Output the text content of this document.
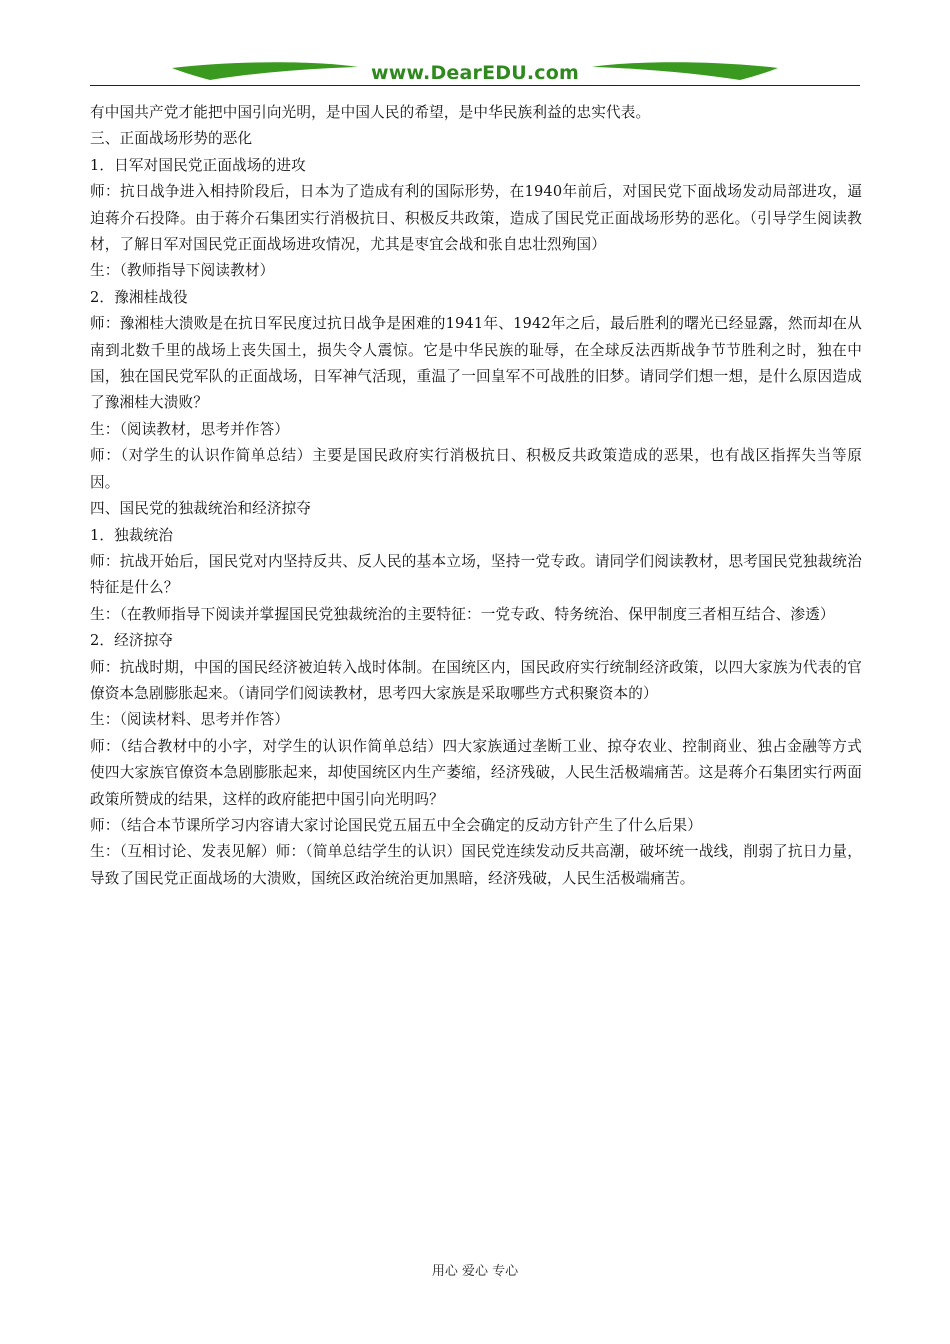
www.DearEDU.com

有中国共产党才能把中国引向光明，是中国人民的希望，是中华民族利益的忠实代表。

三、正面战场形势的恶化

1．日军对国民党正面战场的进攻

师：抗日战争进入相持阶段后，日本为了造成有利的国际形势，在1940年前后，对国民党下面战场发动局部进攻，逼迫蒋介石投降。由于蒋介石集团实行消极抗日、积极反共政策，造成了国民党正面战场形势的恶化。（引导学生阅读教材，了解日军对国民党正面战场进攻情况，尤其是枣宜会战和张自忠壮烈殉国）

生：（教师指导下阅读教材）

2．豫湘桂战役

师：豫湘桂大溃败是在抗日军民度过抗日战争是困难的1941年、1942年之后，最后胜利的曙光已经显露，然而却在从南到北数千里的战场上丧失国土，损失令人震惊。它是中华民族的耻辱，在全球反法西斯战争节节胜利之时，独在中国，独在国民党军队的正面战场，日军神气活现，重温了一回皇军不可战胜的旧梦。请同学们想一想，是什么原因造成了豫湘桂大溃败？

生：（阅读教材，思考并作答）

师：（对学生的认识作简单总结）主要是国民政府实行消极抗日、积极反共政策造成的恶果，也有战区指挥失当等原因。

四、国民党的独裁统治和经济掠夺

1．独裁统治

师：抗战开始后，国民党对内坚持反共、反人民的基本立场，坚持一党专政。请同学们阅读教材，思考国民党独裁统治特征是什么？

生：（在教师指导下阅读并掌握国民党独裁统治的主要特征：一党专政、特务统治、保甲制度三者相互结合、渗透）

2．经济掠夺

师：抗战时期，中国的国民经济被迫转入战时体制。在国统区内，国民政府实行统制经济政策，以四大家族为代表的官僚资本急剧膨胀起来。（请同学们阅读教材，思考四大家族是采取哪些方式积聚资本的）

生：（阅读材料、思考并作答）

师：（结合教材中的小字，对学生的认识作简单总结）四大家族通过垄断工业、掠夺农业、控制商业、独占金融等方式使四大家族官僚资本急剧膨胀起来，却使国统区内生产萎缩，经济残破，人民生活极端痛苦。这是蒋介石集团实行两面政策所赞成的结果，这样的政府能把中国引向光明吗？

师：（结合本节课所学习内容请大家讨论国民党五届五中全会确定的反动方针产生了什么后果）

生：（互相讨论、发表见解）师：（简单总结学生的认识）国民党连续发动反共高潮，破坏统一战线，削弱了抗日力量，导致了国民党正面战场的大溃败，国统区政治统治更加黑暗，经济残破，人民生活极端痛苦。

用心 爱心 专心
